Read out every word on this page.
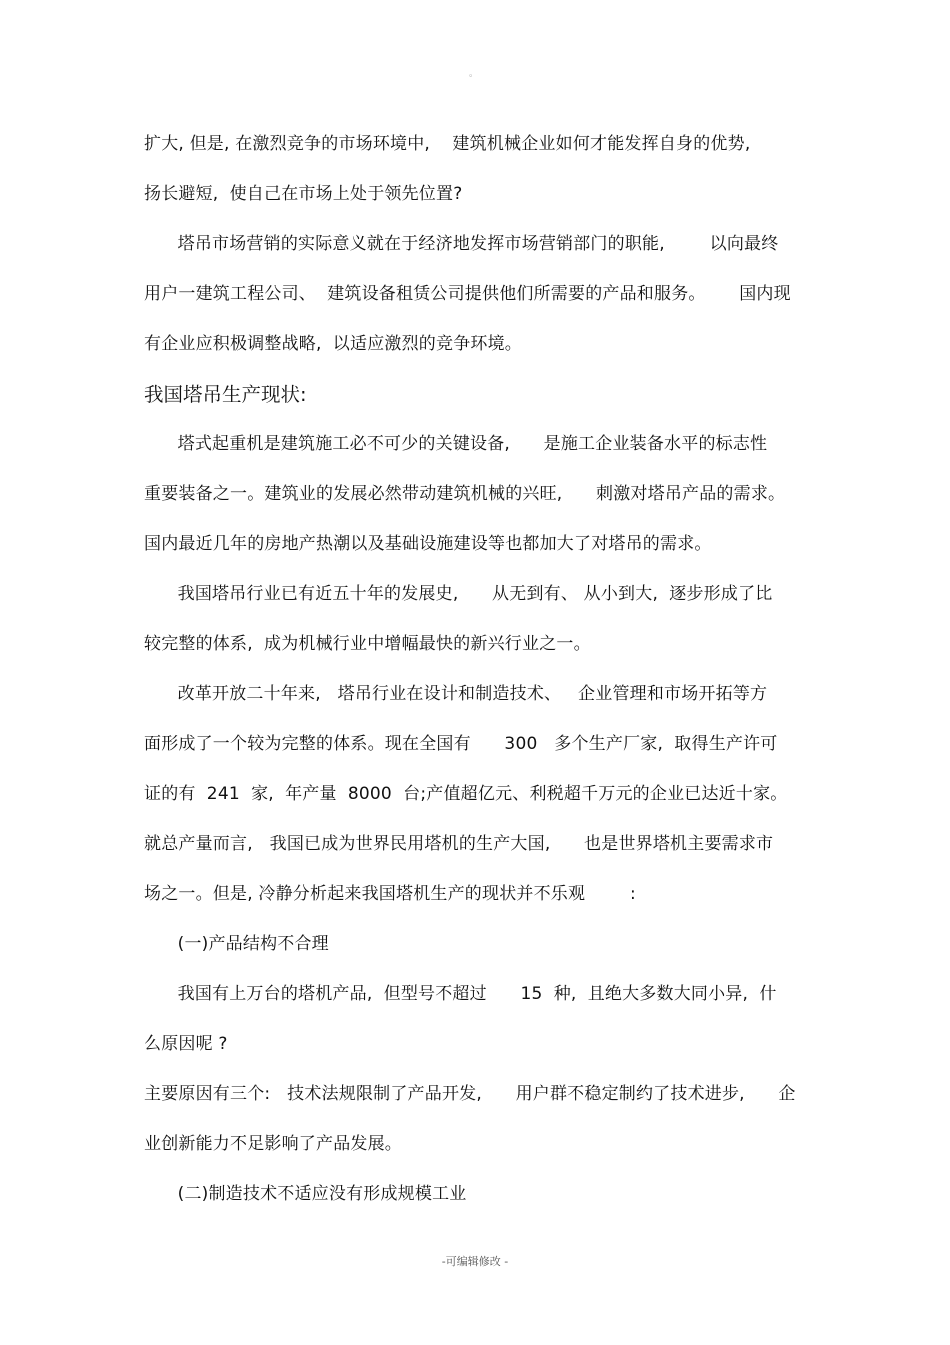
。
扩大, 但是, 在激烈竞争的市场环境中,    建筑机械企业如何才能发挥自身的优势,
扬长避短,  使自己在市场上处于领先位置?
塔吊市场营销的实际意义就在于经济地发挥市场营销部门的职能,        以向最终
用户一建筑工程公司、  建筑设备租赁公司提供他们所需要的产品和服务。      国内现
有企业应积极调整战略,  以适应激烈的竞争环境。
我国塔吊生产现状:
塔式起重机是建筑施工必不可少的关键设备,      是施工企业装备水平的标志性
重要装备之一。建筑业的发展必然带动建筑机械的兴旺,      刺激对塔吊产品的需求。
国内最近几年的房地产热潮以及基础设施建设等也都加大了对塔吊的需求。
我国塔吊行业已有近五十年的发展史,      从无到有、 从小到大,  逐步形成了比
较完整的体系,  成为机械行业中增幅最快的新兴行业之一。
改革开放二十年来,   塔吊行业在设计和制造技术、   企业管理和市场开拓等方
面形成了一个较为完整的体系。现在全国有      300   多个生产厂家,  取得生产许可
证的有  241  家,  年产量  8000  台;产值超亿元、利税超千万元的企业已达近十家。
就总产量而言,   我国已成为世界民用塔机的生产大国,      也是世界塔机主要需求市
场之一。但是, 冷静分析起来我国塔机生产的现状并不乐观        :
(一)产品结构不合理
我国有上万台的塔机产品,  但型号不超过      15  种,  且绝大多数大同小异,  什
么原因呢 ?
主要原因有三个:   技术法规限制了产品开发,      用户群不稳定制约了技术进步,      企
业创新能力不足影响了产品发展。
(二)制造技术不适应没有形成规模工业
-可编辑修改 -
